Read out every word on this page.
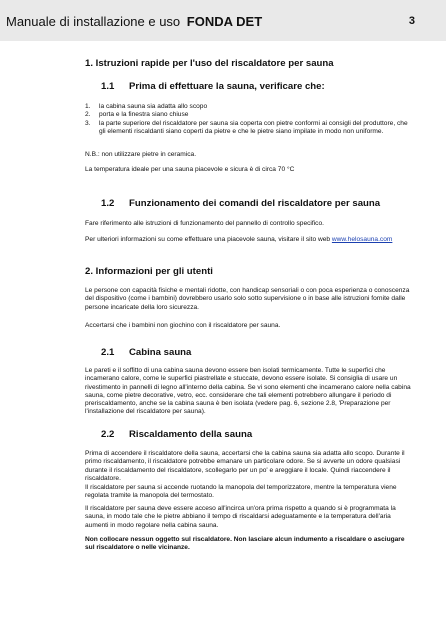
Manuale di installazione e uso FONDA DET	3
1. Istruzioni rapide per l'uso del riscaldatore per sauna
1.1 Prima di effettuare la sauna, verificare che:
1. la cabina sauna sia adatta allo scopo
2. porta e la finestra siano chiuse
3. la parte superiore del riscaldatore per sauna sia coperta con pietre conformi ai consigli del produttore, che gli elementi riscaldanti siano coperti da pietre e che le pietre siano impilate in modo non uniforme.

N.B.: non utilizzare pietre in ceramica.

La temperatura ideale per una sauna piacevole e sicura è di circa 70 °C

1.2 Funzionamento dei comandi del riscaldatore per sauna

Fare riferimento alle istruzioni di funzionamento del pannello di controllo specifico.

Per ulteriori informazioni su come effettuare una piacevole sauna, visitare il sito web www.helosauna.com

2. Informazioni per gli utenti

Le persone con capacità fisiche e mentali ridotte, con handicap sensoriali o con poca esperienza o conoscenza del dispositivo (come i bambini) dovrebbero usarlo solo sotto supervisione o in base alle istruzioni fornite dalle persone incaricate della loro sicurezza.

Accertarsi che i bambini non giochino con il riscaldatore per sauna.

2.1 Cabina sauna

Le pareti e il soffitto di una cabina sauna devono essere ben isolati termicamente. Tutte le superfici che incamerano calore, come le superfici piastrellate e stuccate, devono essere isolate. Si consiglia di usare un rivestimento in pannelli di legno all'interno della cabina. Se vi sono elementi che incamerano calore nella cabina sauna, come pietre decorative, vetro, ecc. considerare che tali elementi potrebbero allungare il periodo di preriscaldamento, anche se la cabina sauna è ben isolata (vedere pag. 6, sezione 2.8, 'Preparazione per l'installazione del riscaldatore per sauna).

2.2 Riscaldamento della sauna

Prima di accendere il riscaldatore della sauna, accertarsi che la cabina sauna sia adatta allo scopo. Durante il primo riscaldamento, il riscaldatore potrebbe emanare un particolare odore. Se si avverte un odore qualsiasi durante il riscaldamento del riscaldatore, scollegarlo per un po' e areggiare il locale. Quindi riaccendere il riscaldatore.

Il riscaldatore per sauna si accende ruotando la manopola del temporizzatore, mentre la temperatura viene regolata tramite la manopola del termostato.

Il riscaldatore per sauna deve essere acceso all'incirca un'ora prima rispetto a quando si è programmata la sauna, in modo tale che le pietre abbiano il tempo di riscaldarsi adeguatamente e la temperatura dell'aria aumenti in modo regolare nella cabina sauna.

Non collocare nessun oggetto sul riscaldatore. Non lasciare alcun indumento a riscaldare o asciugare sul riscaldatore o nelle vicinanze.
